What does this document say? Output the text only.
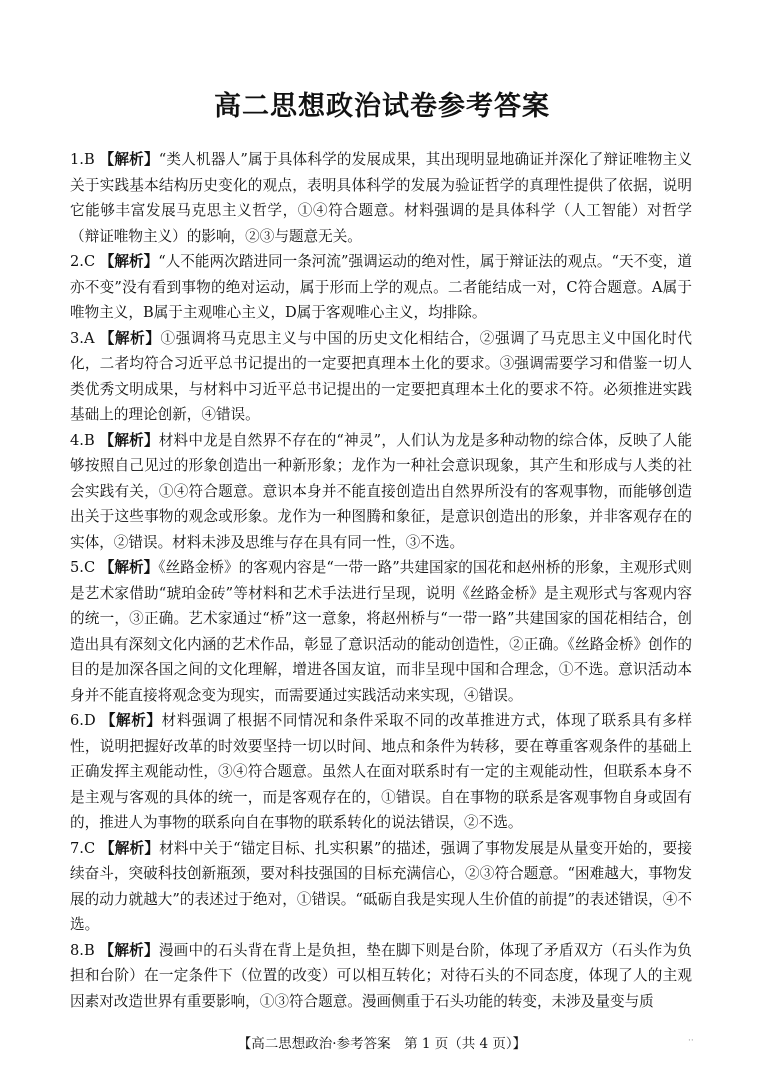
高二思想政治试卷参考答案

1.B 【解析】“类人机器人”属于具体科学的发展成果，其出现明显地确证并深化了辩证唯物主义关于实践基本结构历史变化的观点，表明具体科学的发展为验证哲学的真理性提供了依据，说明它能够丰富发展马克思主义哲学，①④符合题意。材料强调的是具体科学（人工智能）对哲学（辩证唯物主义）的影响，②③与题意无关。

2.C 【解析】“人不能两次踏进同一条河流”强调运动的绝对性，属于辩证法的观点。“天不变，道亦不变”没有看到事物的绝对运动，属于形而上学的观点。二者能结成一对，C符合题意。A属于唯物主义，B属于主观唯心主义，D属于客观唯心主义，均排除。

3.A 【解析】①强调将马克思主义与中国的历史文化相结合，②强调了马克思主义中国化时代化，二者均符合习近平总书记提出的一定要把真理本土化的要求。③强调需要学习和借鉴一切人类优秀文明成果，与材料中习近平总书记提出的一定要把真理本土化的要求不符。必须推进实践基础上的理论创新，④错误。

4.B 【解析】材料中龙是自然界不存在的“神灵”，人们认为龙是多种动物的综合体，反映了人能够按照自己见过的形象创造出一种新形象；龙作为一种社会意识现象，其产生和形成与人类的社会实践有关，①④符合题意。意识本身并不能直接创造出自然界所没有的客观事物，而能够创造出关于这些事物的观念或形象。龙作为一种图腾和象征，是意识创造出的形象，并非客观存在的实体，②错误。材料未涉及思维与存在具有同一性，③不选。

5.C 【解析】《丝路金桥》的客观内容是“一带一路”共建国家的国花和赵州桥的形象，主观形式则是艺术家借助“琥珀金砖”等材料和艺术手法进行呈现，说明《丝路金桥》是主观形式与客观内容的统一，③正确。艺术家通过“桥”这一意象，将赵州桥与“一带一路”共建国家的国花相结合，创造出具有深刻文化内涵的艺术作品，彰显了意识活动的能动创造性，②正确。《丝路金桥》创作的目的是加深各国之间的文化理解，增进各国友谊，而非呈现中国和合理念，①不选。意识活动本身并不能直接将观念变为现实，而需要通过实践活动来实现，④错误。

6.D 【解析】材料强调了根据不同情况和条件采取不同的改革推进方式，体现了联系具有多样性，说明把握好改革的时效要坚持一切以时间、地点和条件为转移，要在尊重客观条件的基础上正确发挥主观能动性，③④符合题意。虽然人在面对联系时有一定的主观能动性，但联系本身不是主观与客观的具体的统一，而是客观存在的，①错误。自在事物的联系是客观事物自身或固有的，推进人为事物的联系向自在事物的联系转化的说法错误，②不选。

7.C 【解析】材料中关于“锚定目标、扎实积累”的描述，强调了事物发展是从量变开始的，要接续奋斗，突破科技创新瓶颈，要对科技强国的目标充满信心，②③符合题意。“困难越大，事物发展的动力就越大”的表述过于绝对，①错误。“砥砺自我是实现人生价值的前提”的表述错误，④不选。

8.B 【解析】漫画中的石头背在背上是负担，垫在脚下则是台阶，体现了矛盾双方（石头作为负担和台阶）在一定条件下（位置的改变）可以相互转化；对待石头的不同态度，体现了人的主观因素对改造世界有重要影响，①③符合题意。漫画侧重于石头功能的转变，未涉及量变与质

【高二思想政治·参考答案　第 1 页（共 4 页）】	··
